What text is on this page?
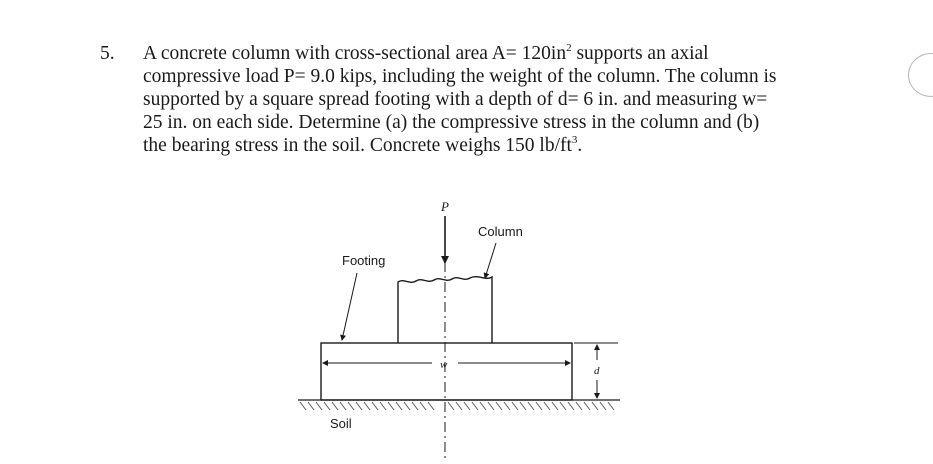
5.	A concrete column with cross-sectional area $A= 120in^2$ supports an axial
compressive load P= 9.0 kips, including the weight of the column. The column is
supported by a square spread footing with a depth of d= 6 in. and measuring w=
25 in. on each side. Determine (a) the compressive stress in the column and (b)
the bearing stress in the soil. Concrete weighs 150 $lb/ft^3$.
P
Column
Footing
w	d
Soil
